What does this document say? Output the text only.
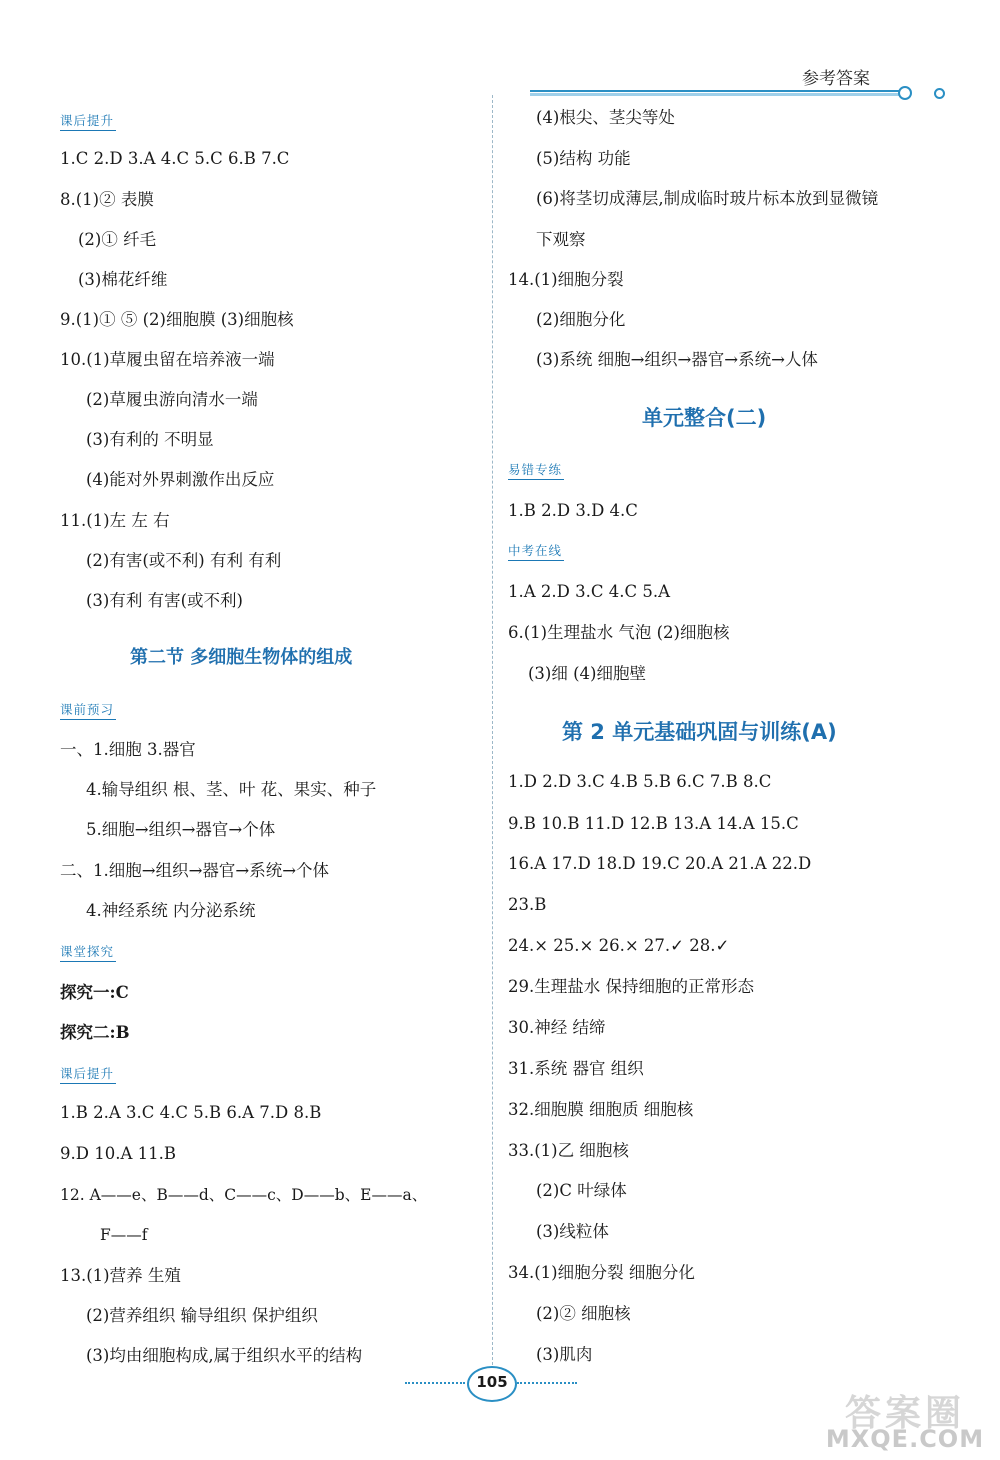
参考答案
课后提升
1.C 2.D 3.A 4.C 5.C 6.B 7.C
8.(1)② 表膜
(2)① 纤毛
(3)棉花纤维
9.(1)① ⑤ (2)细胞膜 (3)细胞核
10.(1)草履虫留在培养液一端
(2)草履虫游向清水一端
(3)有利的 不明显
(4)能对外界刺激作出反应
11.(1)左 左 右
(2)有害(或不利) 有利 有利
(3)有利 有害(或不利)
第二节 多细胞生物体的组成
课前预习
一、1.细胞 3.器官
4.输导组织 根、茎、叶 花、果实、种子
5.细胞→组织→器官→个体
二、1.细胞→组织→器官→系统→个体
4.神经系统 内分泌系统
课堂探究
探究一:C
探究二:B
课后提升
1.B 2.A 3.C 4.C 5.B 6.A 7.D 8.B
9.D 10.A 11.B
12. A——e、B——d、C——c、D——b、E——a、
F——f
13.(1)营养 生殖
(2)营养组织 输导组织 保护组织
(3)均由细胞构成,属于组织水平的结构
(4)根尖、茎尖等处
(5)结构 功能
(6)将茎切成薄层,制成临时玻片标本放到显微镜
下观察
14.(1)细胞分裂
(2)细胞分化
(3)系统 细胞→组织→器官→系统→人体
单元整合(二)
易错专练
1.B 2.D 3.D 4.C
中考在线
1.A 2.D 3.C 4.C 5.A
6.(1)生理盐水 气泡 (2)细胞核
(3)细 (4)细胞壁
第 2 单元基础巩固与训练(A)
1.D 2.D 3.C 4.B 5.B 6.C 7.B 8.C
9.B 10.B 11.D 12.B 13.A 14.A 15.C
16.A 17.D 18.D 19.C 20.A 21.A 22.D
23.B
24.× 25.× 26.× 27.✓ 28.✓
29.生理盐水 保持细胞的正常形态
30.神经 结缔
31.系统 器官 组织
32.细胞膜 细胞质 细胞核
33.(1)乙 细胞核
(2)C 叶绿体
(3)线粒体
34.(1)细胞分裂 细胞分化
(2)② 细胞核
(3)肌肉
105
答案圈
MXQE.COM
